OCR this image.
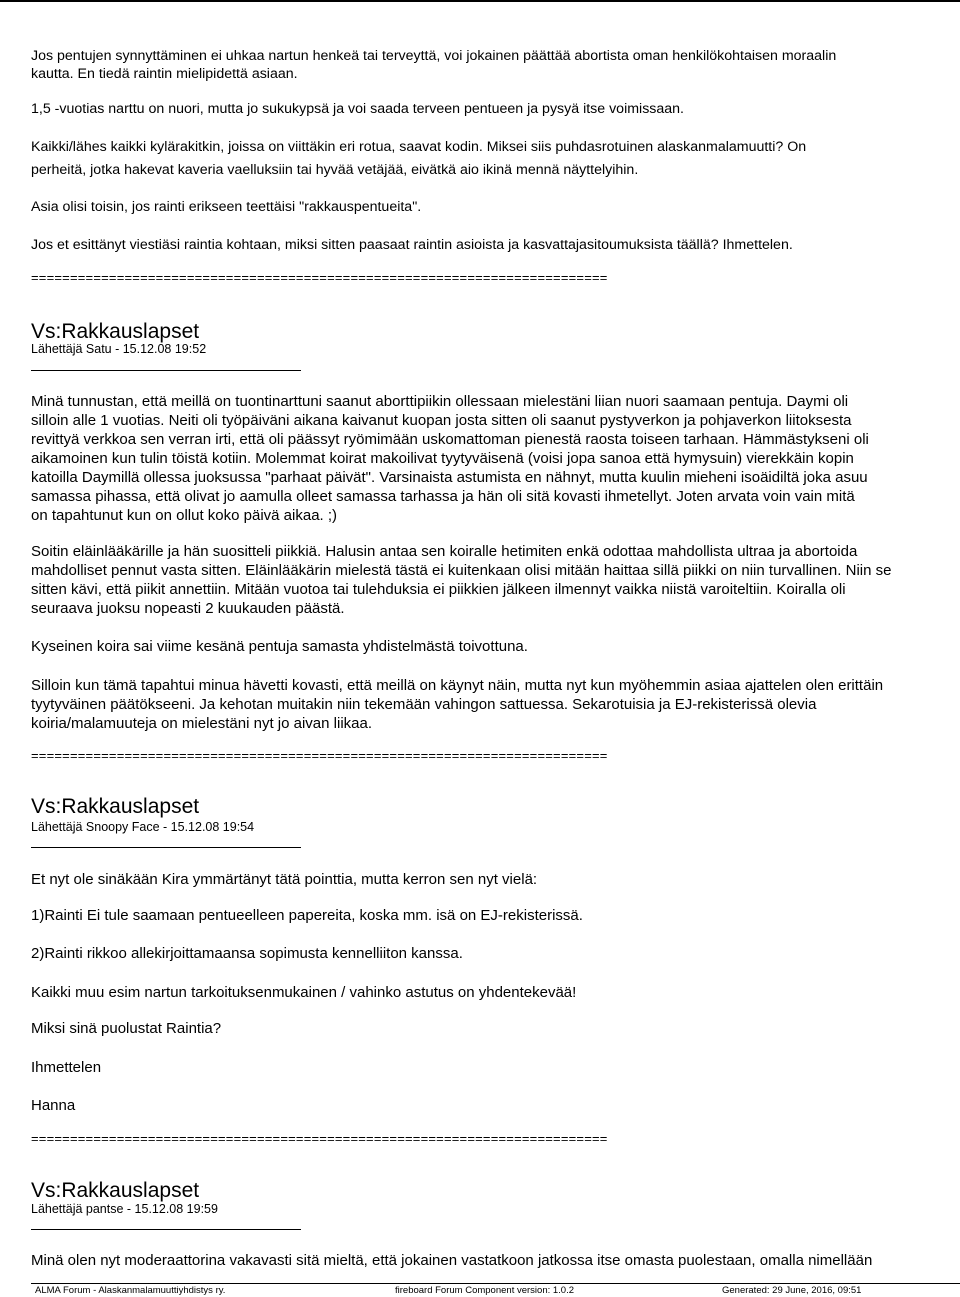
Jos pentujen synnyttäminen ei uhkaa nartun henkeä tai terveyttä, voi jokainen päättää abortista oman henkilökohtaisen moraalin
kautta. En tiedä raintin mielipidettä asiaan.
1,5 -vuotias narttu on nuori, mutta jo sukukypsä ja voi saada terveen pentueen ja pysyä itse voimissaan.
Kaikki/lähes kaikki kylärakitkin, joissa on viittäkin eri rotua, saavat kodin. Miksei siis puhdasrotuinen alaskanmalamuutti? On
perheitä, jotka hakevat kaveria vaelluksiin tai hyvää vetäjää, eivätkä aio ikinä mennä näyttelyihin.
Asia olisi toisin, jos rainti erikseen teettäisi "rakkauspentueita".
Jos et esittänyt viestiäsi raintia kohtaan, miksi sitten paasaat raintin asioista ja kasvattajasitoumuksista täällä? Ihmettelen.
==========================================================================
Vs:Rakkauslapset
Lähettäjä Satu - 15.12.08 19:52
Minä tunnustan, että meillä on tuontinarttuni saanut aborttipiikin ollessaan mielestäni liian nuori saamaan pentuja. Daymi oli
silloin alle 1 vuotias. Neiti oli työpäiväni aikana kaivanut kuopan josta sitten oli saanut pystyverkon ja pohjaverkon liitoksesta
revittyä verkkoa sen verran irti, että oli päässyt ryömimään uskomattoman pienestä raosta toiseen tarhaan. Hämmästykseni oli
aikamoinen kun tulin töistä kotiin. Molemmat koirat makoilivat tyytyväisenä (voisi jopa sanoa että hymysuin) vierekkäin kopin
katoilla Daymillä ollessa juoksussa "parhaat päivät". Varsinaista astumista en nähnyt, mutta kuulin mieheni isoäidiltä joka asuu
samassa pihassa, että olivat jo aamulla olleet samassa tarhassa ja hän oli sitä kovasti ihmetellyt. Joten arvata voin vain mitä
on tapahtunut kun on ollut koko päivä aikaa. ;)
Soitin eläinlääkärille ja hän suositteli piikkiä. Halusin antaa sen koiralle hetimiten enkä odottaa mahdollista ultraa ja abortoida
mahdolliset pennut vasta sitten. Eläinlääkärin mielestä tästä ei kuitenkaan olisi mitään haittaa sillä piikki on niin turvallinen. Niin se
sitten kävi, että piikit annettiin. Mitään vuotoa tai tulehduksia ei piikkien jälkeen ilmennyt vaikka niistä varoiteltiin. Koiralla oli
seuraava juoksu nopeasti 2 kuukauden päästä.
Kyseinen koira sai viime kesänä pentuja samasta yhdistelmästä toivottuna.
Silloin kun tämä tapahtui minua hävetti kovasti, että meillä on käynyt näin, mutta nyt kun myöhemmin asiaa ajattelen olen erittäin
tyytyväinen päätökseeni. Ja kehotan muitakin niin tekemään vahingon sattuessa. Sekarotuisia ja EJ-rekisterissä olevia
koiria/malamuuteja on mielestäni nyt jo aivan liikaa.
==========================================================================
Vs:Rakkauslapset
Lähettäjä Snoopy Face - 15.12.08 19:54
Et nyt ole sinäkään Kira ymmärtänyt tätä pointtia, mutta kerron sen nyt vielä:
1)Rainti Ei tule saamaan pentueelleen papereita, koska mm. isä on EJ-rekisterissä.
2)Rainti rikkoo allekirjoittamaansa sopimusta kennelliiton kanssa.
Kaikki muu esim nartun tarkoituksenmukainen / vahinko astutus on yhdentekevää!
Miksi sinä puolustat Raintia?
Ihmettelen
Hanna
==========================================================================
Vs:Rakkauslapset
Lähettäjä pantse - 15.12.08 19:59
Minä olen nyt moderaattorina vakavasti sitä mieltä, että jokainen vastatkoon jatkossa itse omasta puolestaan, omalla nimellään
ALMA Forum - Alaskanmalamuuttiyhdistys ry.	fireboard Forum Component version: 1.0.2	Generated: 29 June, 2016, 09:51
